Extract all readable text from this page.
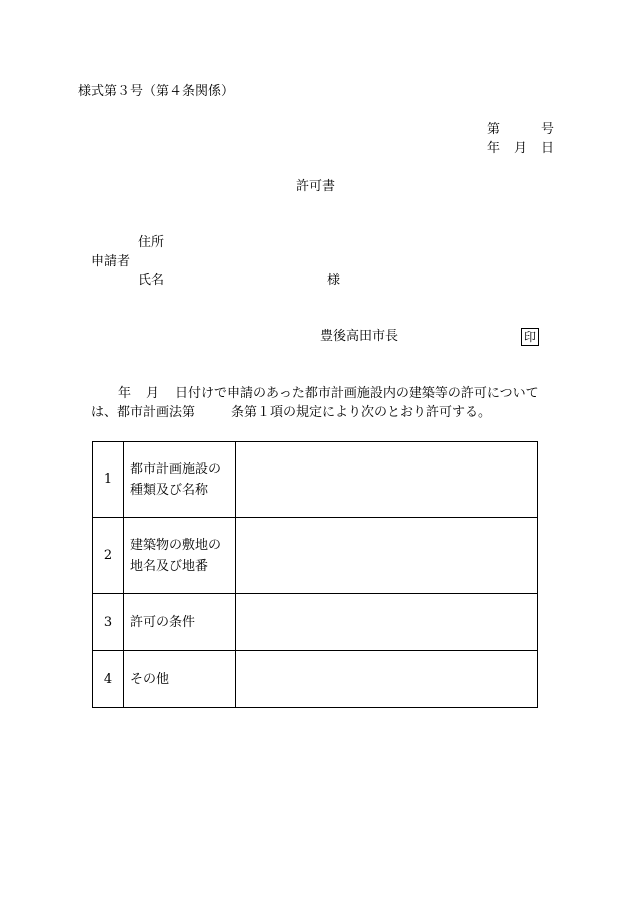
様式第３号（第４条関係）
第	号
年 月 日
許可書
住所
申請者
氏名	様
豊後高田市長	印
年 月 日付けで申請のあった都市計画施設内の建築等の許可について
は、都市計画法第	条第１項の規定により次のとおり許可する。
1	都市計画施設の
種類及び名称	

2	建築物の敷地の
地名及び地番	

3	許可の条件	

4	その他	
